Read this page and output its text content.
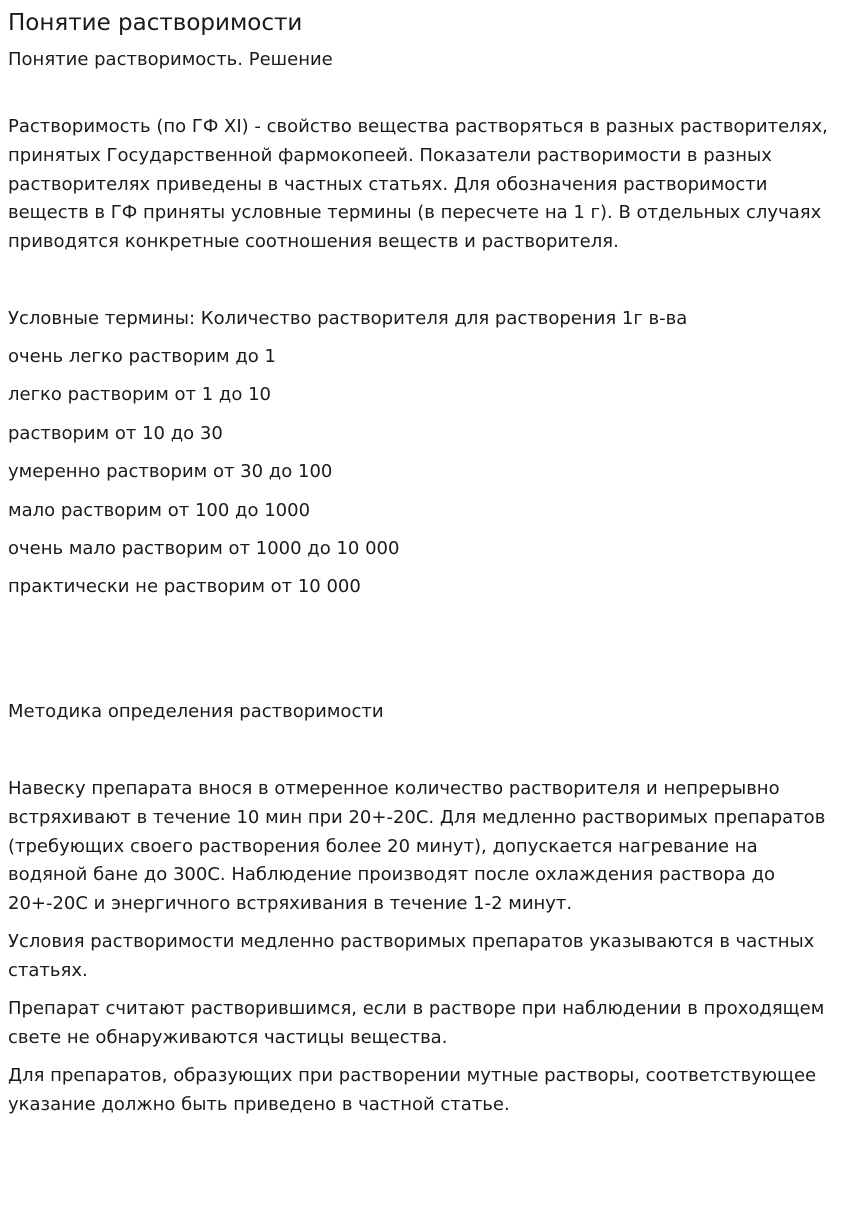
Понятие растворимости

Понятие растворимость. Решение

Растворимость (по ГФ XI) - свойство вещества растворяться в разных растворителях, принятых Государственной фармокопеей. Показатели растворимости в разных растворителях приведены в частных статьях. Для обозначения растворимости веществ в ГФ приняты условные термины (в пересчете на 1 г). В отдельных случаях приводятся конкретные соотношения веществ и растворителя.

Условные термины: Количество растворителя для растворения 1г в-ва

очень легко растворим до 1

легко растворим от 1 до 10

растворим от 10 до 30

умеренно растворим от 30 до 100

мало растворим от 100 до 1000

очень мало растворим от 1000 до 10 000

практически не растворим от 10 000

Методика определения растворимости

Навеску препарата внося в отмеренное количество растворителя и непрерывно встряхивают в течение 10 мин при 20+-20С. Для медленно растворимых препаратов (требующих своего растворения более 20 минут), допускается нагревание на водяной бане до 300С. Наблюдение производят после охлаждения раствора до 20+-20С и энергичного встряхивания в течение 1-2 минут.

Условия растворимости медленно растворимых препаратов указываются в частных статьях.

Препарат считают растворившимся, если в растворе при наблюдении в проходящем свете не обнаруживаются частицы вещества.

Для препаратов, образующих при растворении мутные растворы, соответствующее указание должно быть приведено в частной статье.
